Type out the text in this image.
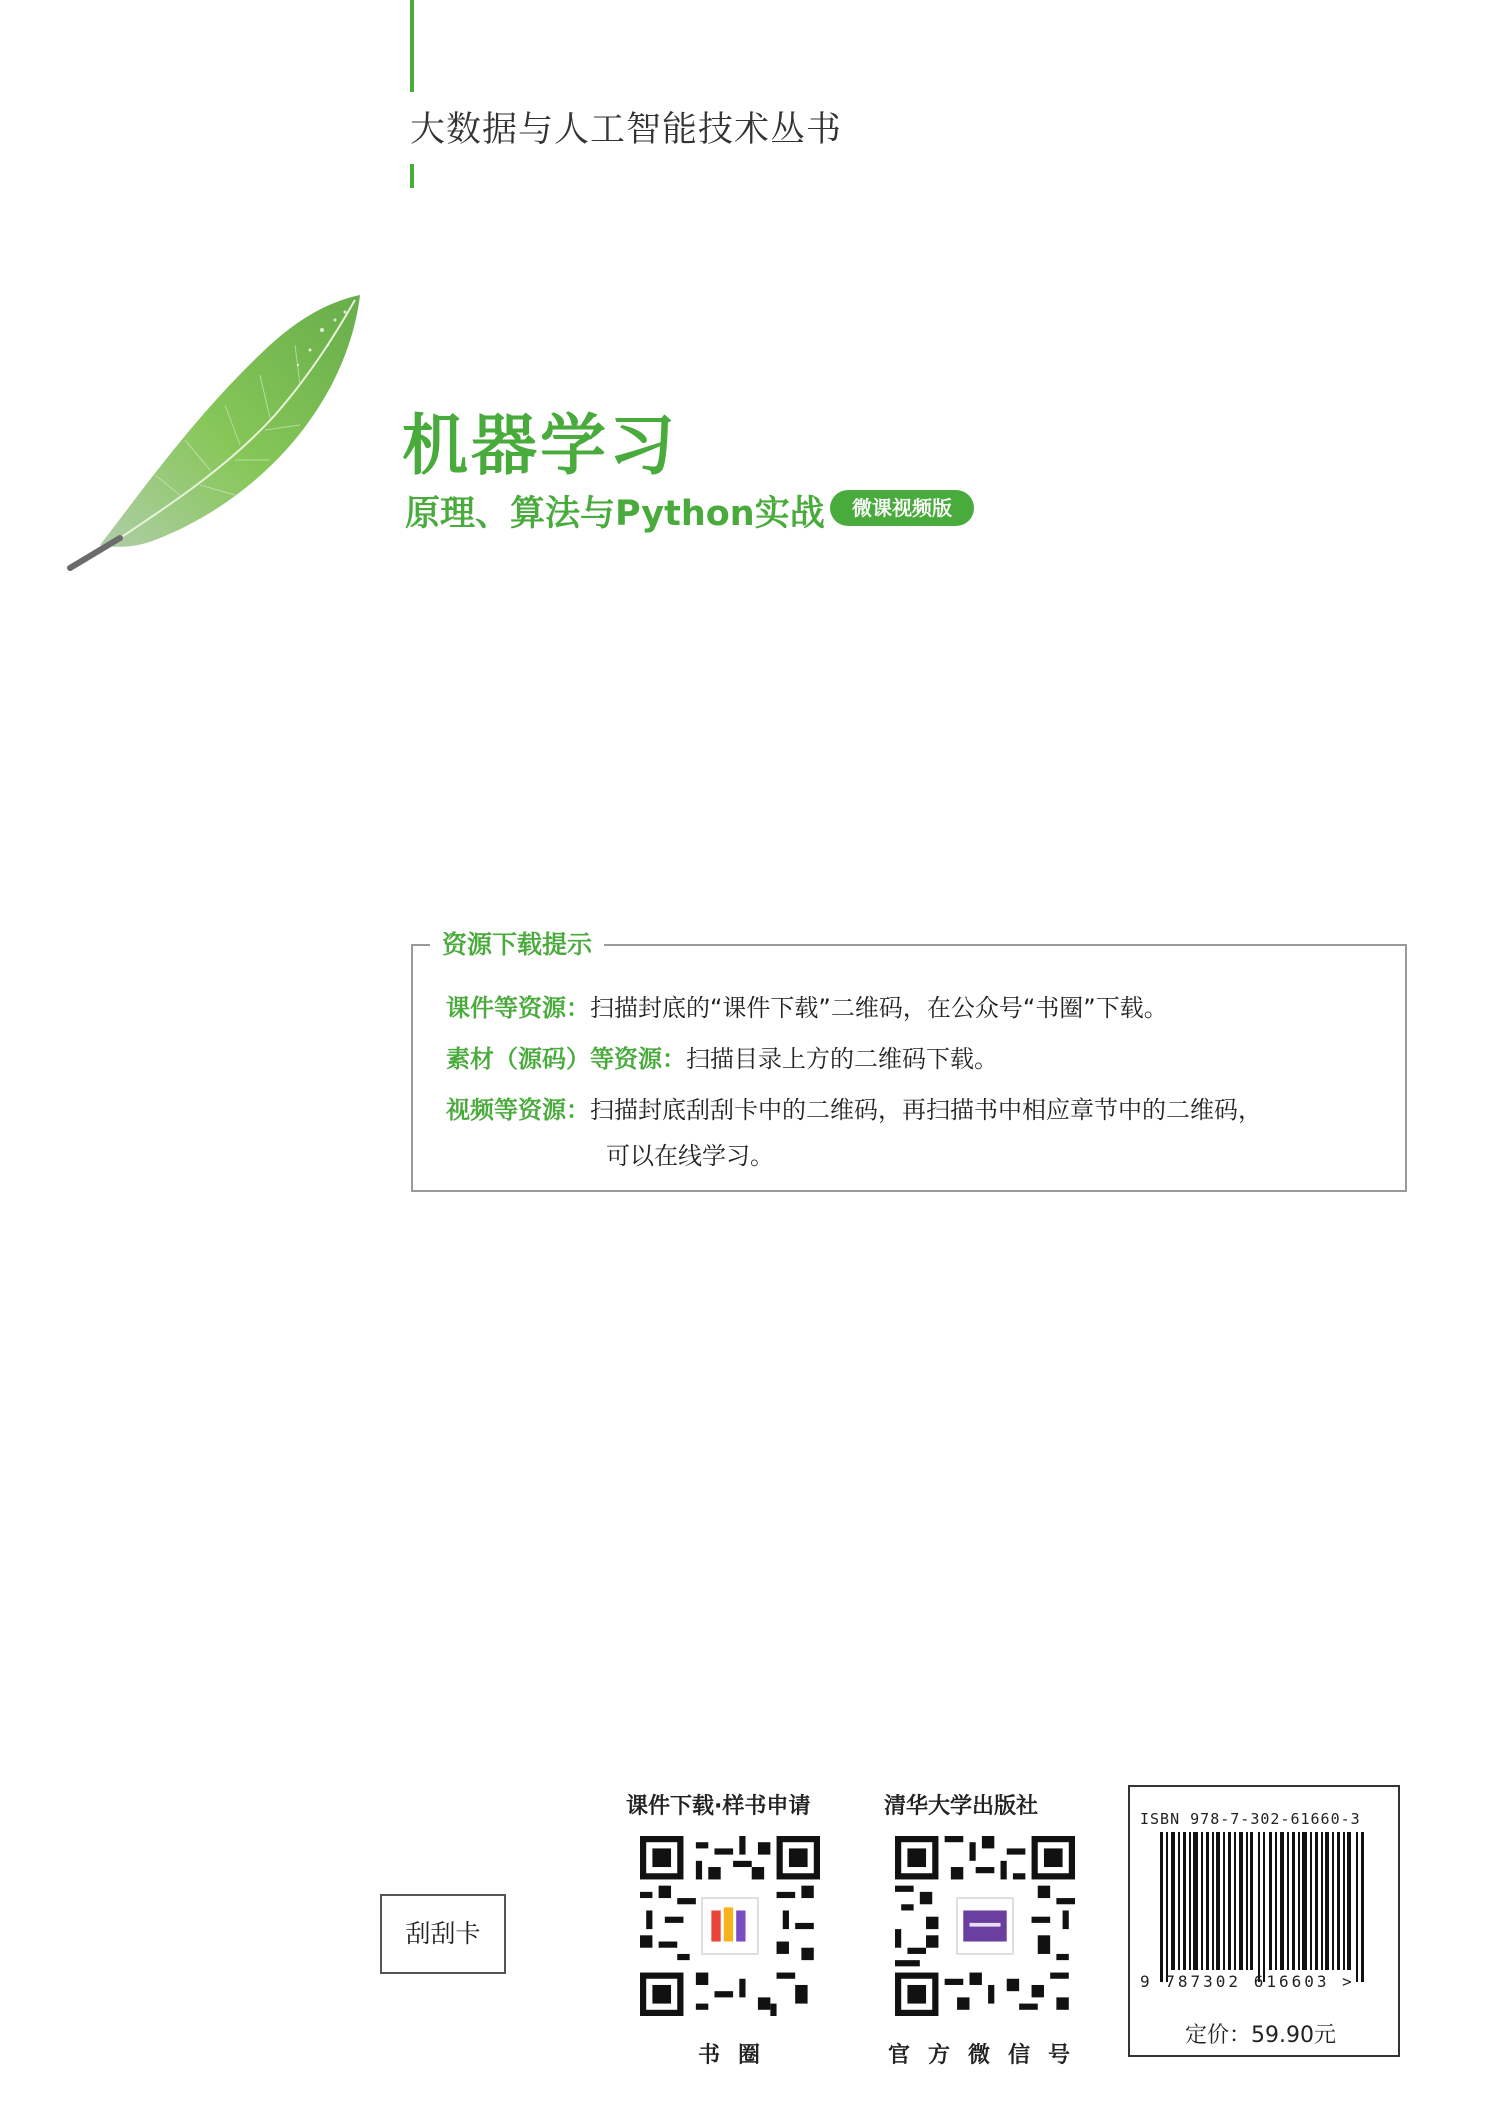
大数据与人工智能技术丛书
机器学习
原理、算法与Python实战	微课视频版
资源下载提示
课件等资源：扫描封底的“课件下载”二维码，在公众号“书圈”下载。
素材（源码）等资源：扫描目录上方的二维码下载。
视频等资源：扫描封底刮刮卡中的二维码，再扫描书中相应章节中的二维码，
可以在线学习。
刮刮卡
课件下载·样书申请
书圈
清华大学出版社
官方微信号
ISBN 978-7-302-61660-3
9 787302 616603 >
定价：59.90元
